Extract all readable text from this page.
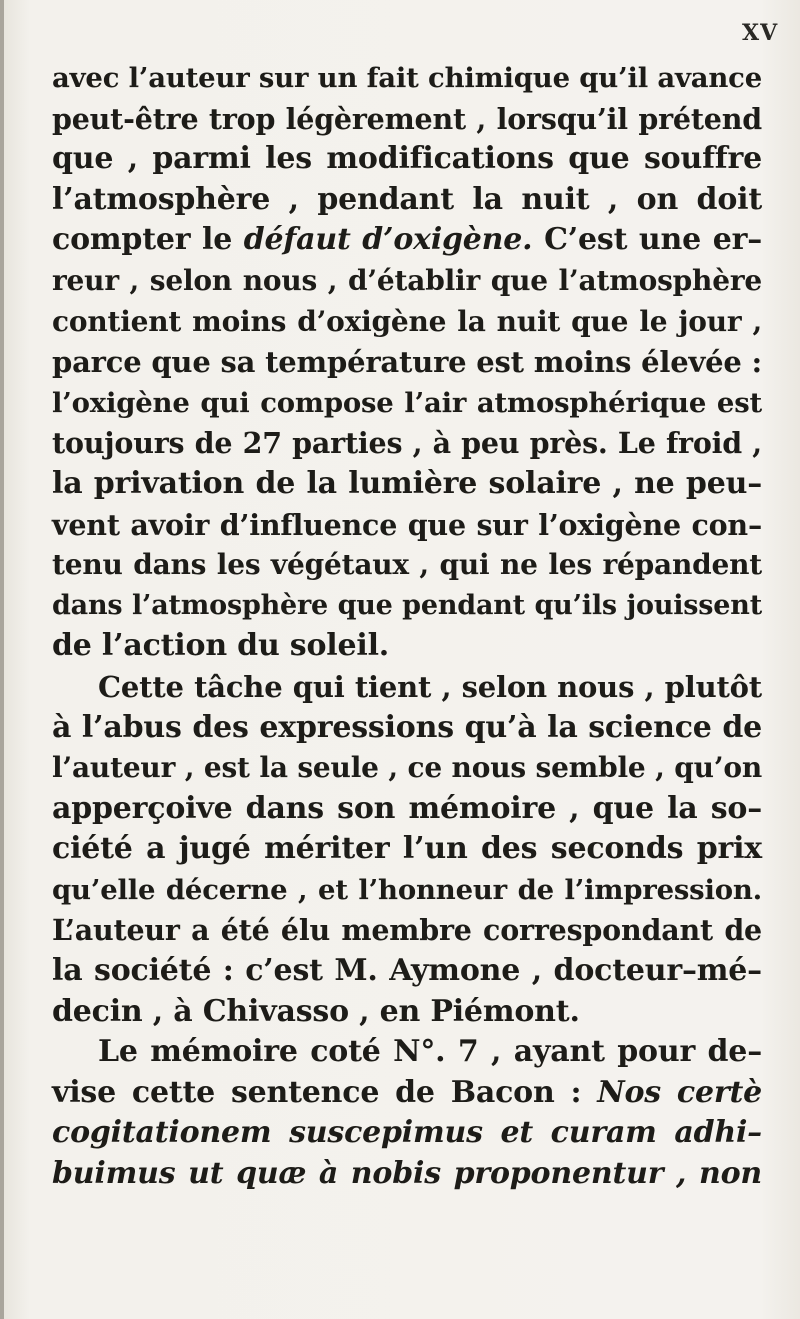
XV
avec l’auteur sur un fait chimique qu’il avance
peut-être trop légèrement , lorsqu’il prétend
que , parmi les modifications que souffre
l’atmosphère , pendant la nuit , on doit
compter le défaut d’oxigène. C’est une er–
reur , selon nous , d’établir que l’atmosphère
contient moins d’oxigène la nuit que le jour ,
parce que sa température est moins élevée :
l’oxigène qui compose l’air atmosphérique est
toujours de 27 parties , à peu près. Le froid ,
la privation de la lumière solaire , ne peu–
vent avoir d’influence que sur l’oxigène con–
tenu dans les végétaux , qui ne les répandent
dans l’atmosphère que pendant qu’ils jouissent
de l’action du soleil.
Cette tâche qui tient , selon nous , plutôt
à l’abus des expressions qu’à la science de
l’auteur , est la seule , ce nous semble , qu’on
apperçoive dans son mémoire , que la so–
ciété a jugé mériter l’un des seconds prix
qu’elle décerne , et l’honneur de l’impression.
L’auteur a été élu membre correspondant de
la société : c’est M. Aymone , docteur–mé–
decin , à Chivasso , en Piémont.
Le mémoire coté N°. 7 , ayant pour de–
vise cette sentence de Bacon : Nos certè
cogitationem suscepimus et curam adhi–
buimus ut quæ à nobis proponentur , non
